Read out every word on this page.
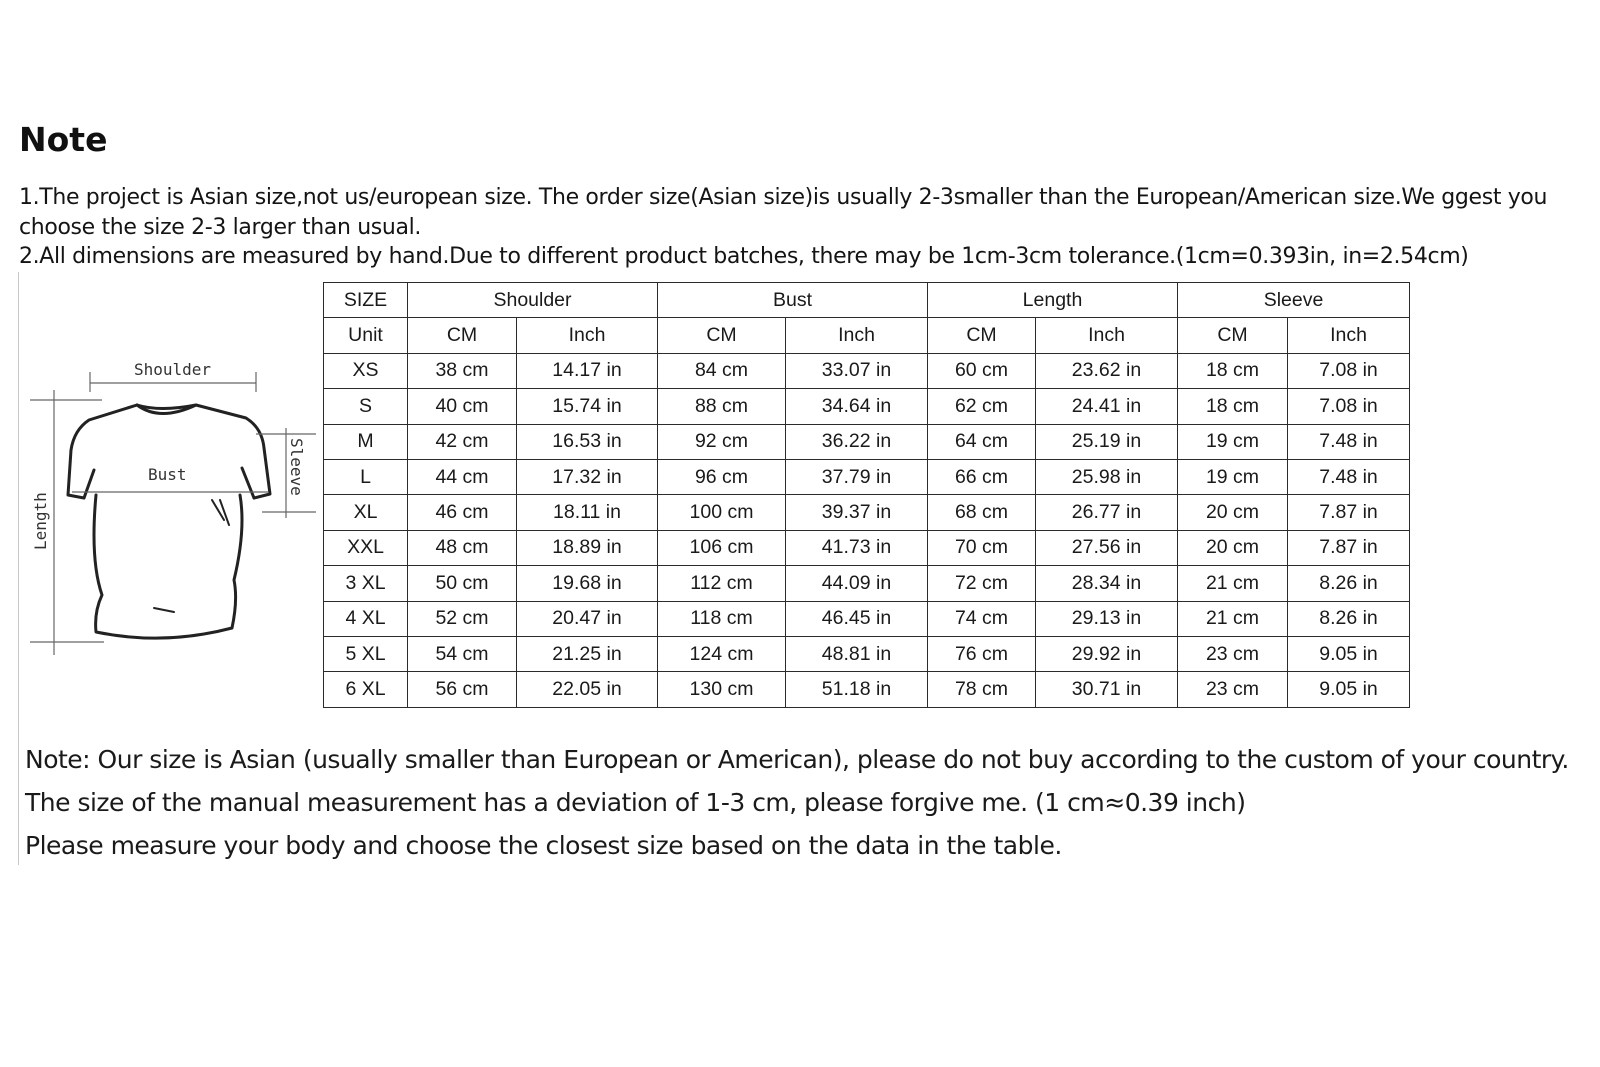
Note

1.The project is Asian size,not us/european size. The order size(Asian size)is usually 2-3smaller than the European/American size.We ggest you choose the size 2-3 larger than usual.

2.All dimensions are measured by hand.Due to different product batches, there may be 1cm-3cm tolerance.(1cm=0.393in, in=2.54cm)

Shoulder
Bust	Sleeve
Length
SIZE	Shoulder		Bust		Length		Sleeve	
Unit	CM	Inch	CM	Inch	CM	Inch	CM	Inch
XS	38 cm	14.17 in	84 cm	33.07 in	60 cm	23.62 in	18 cm	7.08 in
S	40 cm	15.74 in	88 cm	34.64 in	62 cm	24.41 in	18 cm	7.08 in
M	42 cm	16.53 in	92 cm	36.22 in	64 cm	25.19 in	19 cm	7.48 in
L	44 cm	17.32 in	96 cm	37.79 in	66 cm	25.98 in	19 cm	7.48 in
XL	46 cm	18.11 in	100 cm	39.37 in	68 cm	26.77 in	20 cm	7.87 in
XXL	48 cm	18.89 in	106 cm	41.73 in	70 cm	27.56 in	20 cm	7.87 in
3 XL	50 cm	19.68 in	112 cm	44.09 in	72 cm	28.34 in	21 cm	8.26 in
4 XL	52 cm	20.47 in	118 cm	46.45 in	74 cm	29.13 in	21 cm	8.26 in
5 XL	54 cm	21.25 in	124 cm	48.81 in	76 cm	29.92 in	23 cm	9.05 in
6 XL	56 cm	22.05 in	130 cm	51.18 in	78 cm	30.71 in	23 cm	9.05 in

Note: Our size is Asian (usually smaller than European or American), please do not buy according to the custom of your country.

The size of the manual measurement has a deviation of 1-3 cm, please forgive me. (1 cm≈0.39 inch)

Please measure your body and choose the closest size based on the data in the table.
